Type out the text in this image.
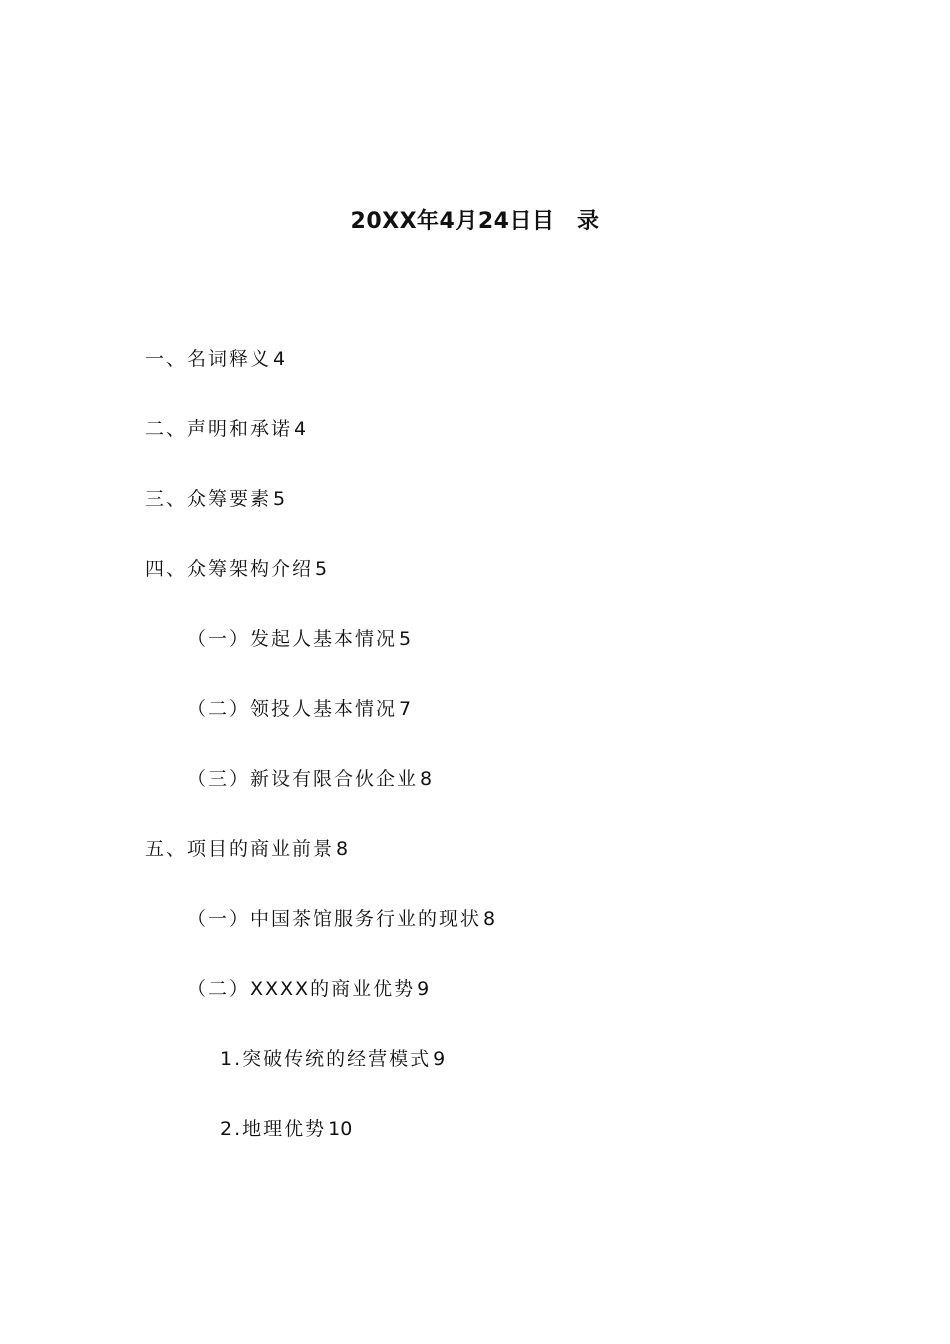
20XX年4月24日目　录
一、名词释义 4
二、声明和承诺 4
三、众筹要素 5
四、众筹架构介绍 5
（一）发起人基本情况 5
（二）领投人基本情况 7
（三）新设有限合伙企业 8
五、项目的商业前景 8
（一）中国茶馆服务行业的现状 8
（二）XXXX的商业优势 9
1.突破传统的经营模式 9
2.地理优势 10
